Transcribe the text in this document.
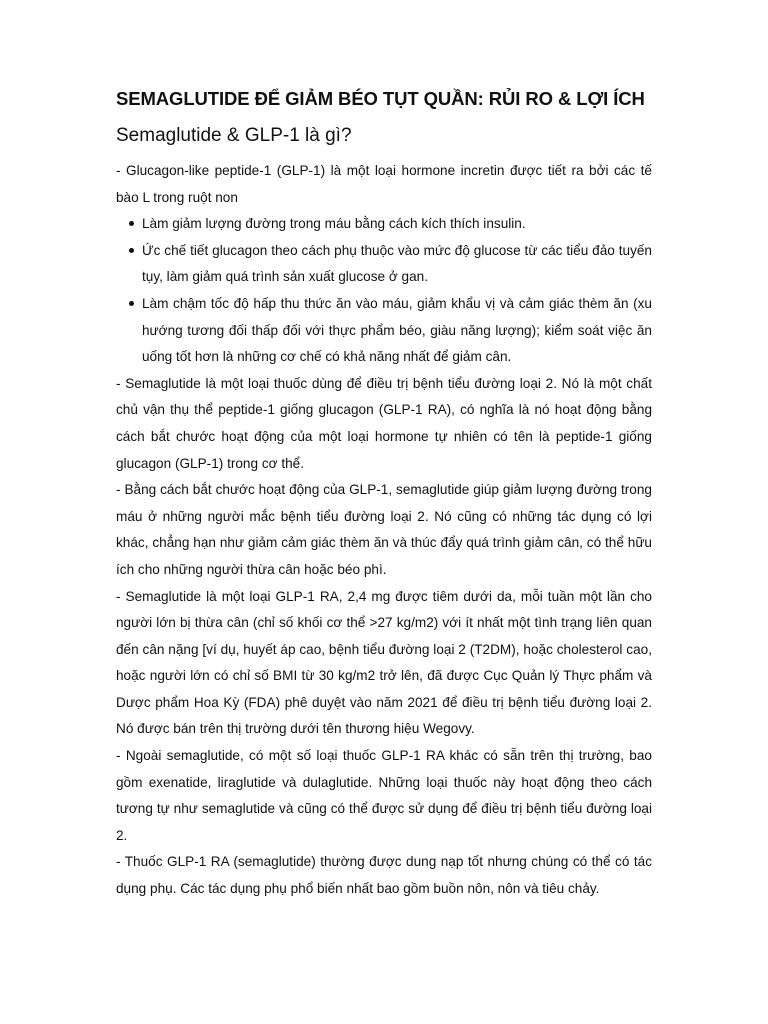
SEMAGLUTIDE ĐỂ GIẢM BÉO TỤT QUẦN: RỦI RO & LỢI ÍCH
Semaglutide & GLP-1 là gì?

- Glucagon-like peptide-1 (GLP-1) là một loại hormone incretin được tiết ra bởi các tế bào L trong ruột non

Làm giảm lượng đường trong máu bằng cách kích thích insulin.
Ức chế tiết glucagon theo cách phụ thuộc vào mức độ glucose từ các tiểu đảo tuyến tụy, làm giảm quá trình sản xuất glucose ở gan.
Làm chậm tốc độ hấp thu thức ăn vào máu, giảm khẩu vị và cảm giác thèm ăn (xu hướng tương đối thấp đối với thực phẩm béo, giàu năng lượng); kiểm soát việc ăn uống tốt hơn là những cơ chế có khả năng nhất để giảm cân.

- Semaglutide là một loại thuốc dùng để điều trị bệnh tiểu đường loại 2. Nó là một chất chủ vận thụ thể peptide-1 giống glucagon (GLP-1 RA), có nghĩa là nó hoạt động bằng cách bắt chước hoạt động của một loại hormone tự nhiên có tên là peptide-1 giống glucagon (GLP-1) trong cơ thể.

- Bằng cách bắt chước hoạt động của GLP-1, semaglutide giúp giảm lượng đường trong máu ở những người mắc bệnh tiểu đường loại 2. Nó cũng có những tác dụng có lợi khác, chẳng hạn như giảm cảm giác thèm ăn và thúc đẩy quá trình giảm cân, có thể hữu ích cho những người thừa cân hoặc béo phì.

- Semaglutide là một loại GLP-1 RA, 2,4 mg được tiêm dưới da, mỗi tuần một lần cho người lớn bị thừa cân (chỉ số khối cơ thể >27 kg/m2) với ít nhất một tình trạng liên quan đến cân nặng [ví dụ, huyết áp cao, bệnh tiểu đường loại 2 (T2DM), hoặc cholesterol cao, hoặc người lớn có chỉ số BMI từ 30 kg/m2 trở lên, đã được Cục Quản lý Thực phẩm và Dược phẩm Hoa Kỳ (FDA) phê duyệt vào năm 2021 để điều trị bệnh tiểu đường loại 2. Nó được bán trên thị trường dưới tên thương hiệu Wegovy.

- Ngoài semaglutide, có một số loại thuốc GLP-1 RA khác có sẵn trên thị trường, bao gồm exenatide, liraglutide và dulaglutide. Những loại thuốc này hoạt động theo cách tương tự như semaglutide và cũng có thể được sử dụng để điều trị bệnh tiểu đường loại 2.

- Thuốc GLP-1 RA (semaglutide) thường được dung nạp tốt nhưng chúng có thể có tác dụng phụ. Các tác dụng phụ phổ biến nhất bao gồm buồn nôn, nôn và tiêu chảy.
